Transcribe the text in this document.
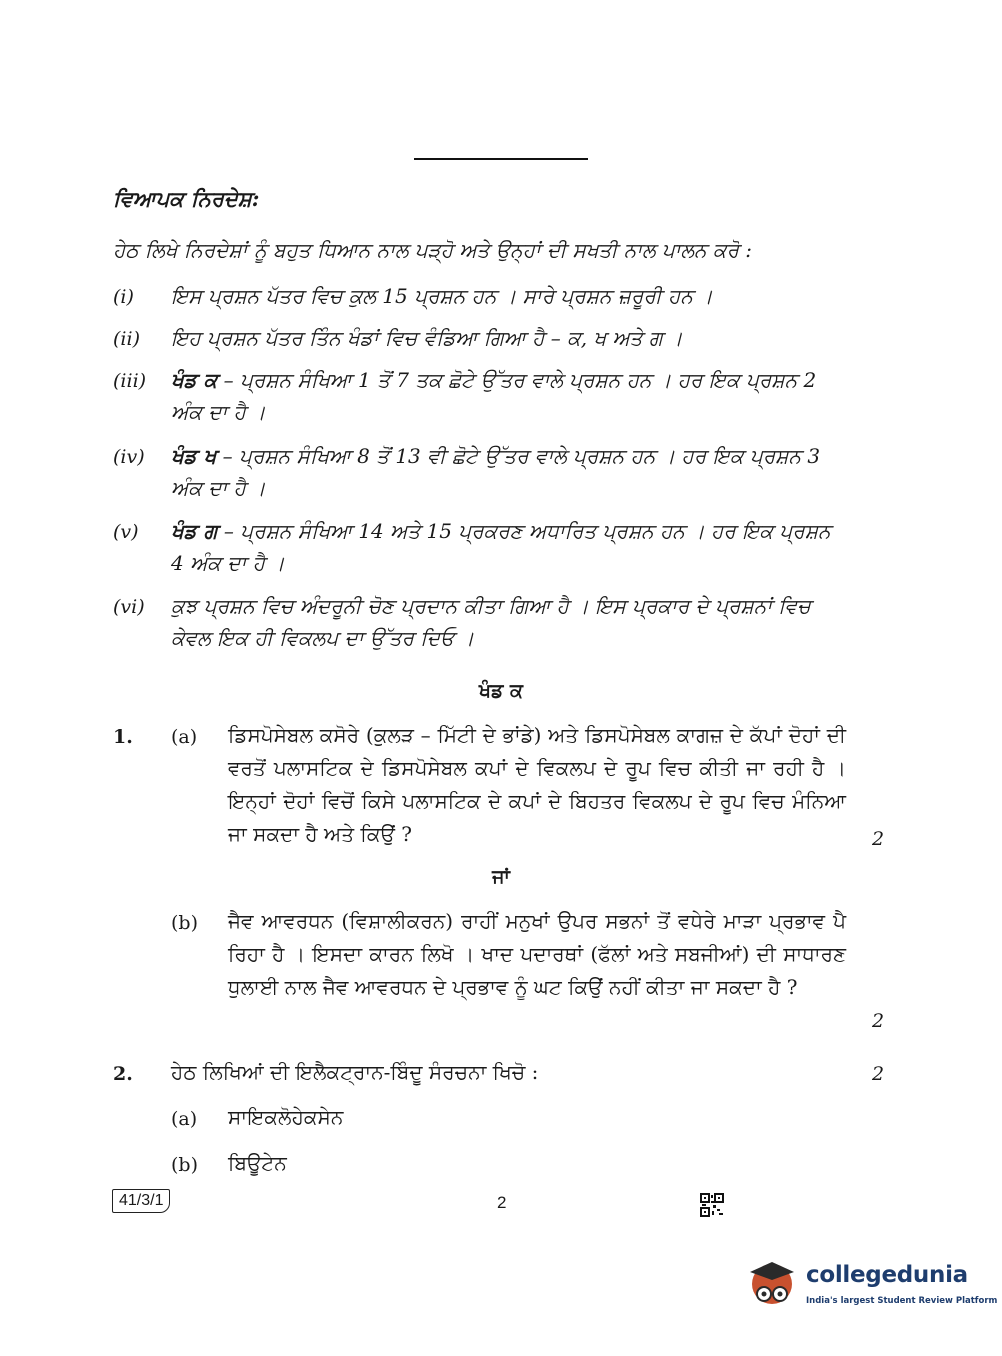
ਵਿਆਪਕ ਨਿਰਦੇਸ਼:
ਹੇਠ ਲਿਖੇ ਨਿਰਦੇਸ਼ਾਂ ਨੂੰ ਬਹੁਤ ਧਿਆਨ ਨਾਲ ਪੜ੍ਹੋ ਅਤੇ ਉਨ੍ਹਾਂ ਦੀ ਸਖਤੀ ਨਾਲ ਪਾਲਨ ਕਰੋ :
(i) ਇਸ ਪ੍ਰਸ਼ਨ ਪੱਤਰ ਵਿਚ ਕੁਲ 15 ਪ੍ਰਸ਼ਨ ਹਨ । ਸਾਰੇ ਪ੍ਰਸ਼ਨ ਜ਼ਰੂਰੀ ਹਨ ।
(ii) ਇਹ ਪ੍ਰਸ਼ਨ ਪੱਤਰ ਤਿੰਨ ਖੰਡਾਂ ਵਿਚ ਵੰਡਿਆ ਗਿਆ ਹੈ – ਕ, ਖ ਅਤੇ ਗ ।
(iii) ਖੰਡ ਕ – ਪ੍ਰਸ਼ਨ ਸੰਖਿਆ 1 ਤੋਂ 7 ਤਕ ਛੋਟੇ ਉੱਤਰ ਵਾਲੇ ਪ੍ਰਸ਼ਨ ਹਨ । ਹਰ ਇਕ ਪ੍ਰਸ਼ਨ 2 ਅੰਕ ਦਾ ਹੈ ।
(iv) ਖੰਡ ਖ – ਪ੍ਰਸ਼ਨ ਸੰਖਿਆ 8 ਤੋਂ 13 ਵੀ ਛੋਟੇ ਉੱਤਰ ਵਾਲੇ ਪ੍ਰਸ਼ਨ ਹਨ । ਹਰ ਇਕ ਪ੍ਰਸ਼ਨ 3 ਅੰਕ ਦਾ ਹੈ ।
(v) ਖੰਡ ਗ – ਪ੍ਰਸ਼ਨ ਸੰਖਿਆ 14 ਅਤੇ 15 ਪ੍ਰਕਰਣ ਅਧਾਰਿਤ ਪ੍ਰਸ਼ਨ ਹਨ । ਹਰ ਇਕ ਪ੍ਰਸ਼ਨ 4 ਅੰਕ ਦਾ ਹੈ ।
(vi) ਕੁਝ ਪ੍ਰਸ਼ਨ ਵਿਚ ਅੰਦਰੂਨੀ ਚੋਣ ਪ੍ਰਦਾਨ ਕੀਤਾ ਗਿਆ ਹੈ । ਇਸ ਪ੍ਰਕਾਰ ਦੇ ਪ੍ਰਸ਼ਨਾਂ ਵਿਚ ਕੇਵਲ ਇਕ ਹੀ ਵਿਕਲਪ ਦਾ ਉੱਤਰ ਦਿਓ ।
ਖੰਡ ਕ
1. (a) ਡਿਸਪੋਸੇਬਲ ਕਸੋਰੇ (ਕੁਲੜ – ਮਿੱਟੀ ਦੇ ਭਾਂਡੇ) ਅਤੇ ਡਿਸਪੋਸੇਬਲ ਕਾਗਜ਼ ਦੇ ਕੱਪਾਂ ਦੋਹਾਂ ਦੀ ਵਰਤੋਂ ਪਲਾਸਟਿਕ ਦੇ ਡਿਸਪੋਸੇਬਲ ਕਪਾਂ ਦੇ ਵਿਕਲਪ ਦੇ ਰੂਪ ਵਿਚ ਕੀਤੀ ਜਾ ਰਹੀ ਹੈ । ਇਨ੍ਹਾਂ ਦੋਹਾਂ ਵਿਚੋਂ ਕਿਸੇ ਪਲਾਸਟਿਕ ਦੇ ਕਪਾਂ ਦੇ ਬਿਹਤਰ ਵਿਕਲਪ ਦੇ ਰੂਪ ਵਿਚ ਮੰਨਿਆ ਜਾ ਸਕਦਾ ਹੈ ਅਤੇ ਕਿਉਂ ?	2
ਜਾਂ
(b) ਜੈਵ ਆਵਰਧਨ (ਵਿਸ਼ਾਲੀਕਰਨ) ਰਾਹੀਂ ਮਨੁਖਾਂ ਉਪਰ ਸਭਨਾਂ ਤੋਂ ਵਧੇਰੇ ਮਾੜਾ ਪ੍ਰਭਾਵ ਪੈ ਰਿਹਾ ਹੈ । ਇਸਦਾ ਕਾਰਨ ਲਿਖੋ । ਖਾਦ ਪਦਾਰਥਾਂ (ਫੱਲਾਂ ਅਤੇ ਸਬਜੀਆਂ) ਦੀ ਸਾਧਾਰਣ ਧੁਲਾਈ ਨਾਲ ਜੈਵ ਆਵਰਧਨ ਦੇ ਪ੍ਰਭਾਵ ਨੂੰ ਘਟ ਕਿਉਂ ਨਹੀਂ ਕੀਤਾ ਜਾ ਸਕਦਾ ਹੈ ?
2
2. ਹੇਠ ਲਿਖਿਆਂ ਦੀ ਇਲੈਕਟ੍ਰਾਨ-ਬਿੰਦੂ ਸੰਰਚਨਾ ਖਿਚੋ :	2
(a) ਸਾਇਕਲੋਹੇਕਸੇਨ
(b) ਬਿਊਟੇਨ
41/3/1	2
collegedunia
India's largest Student Review Platform
